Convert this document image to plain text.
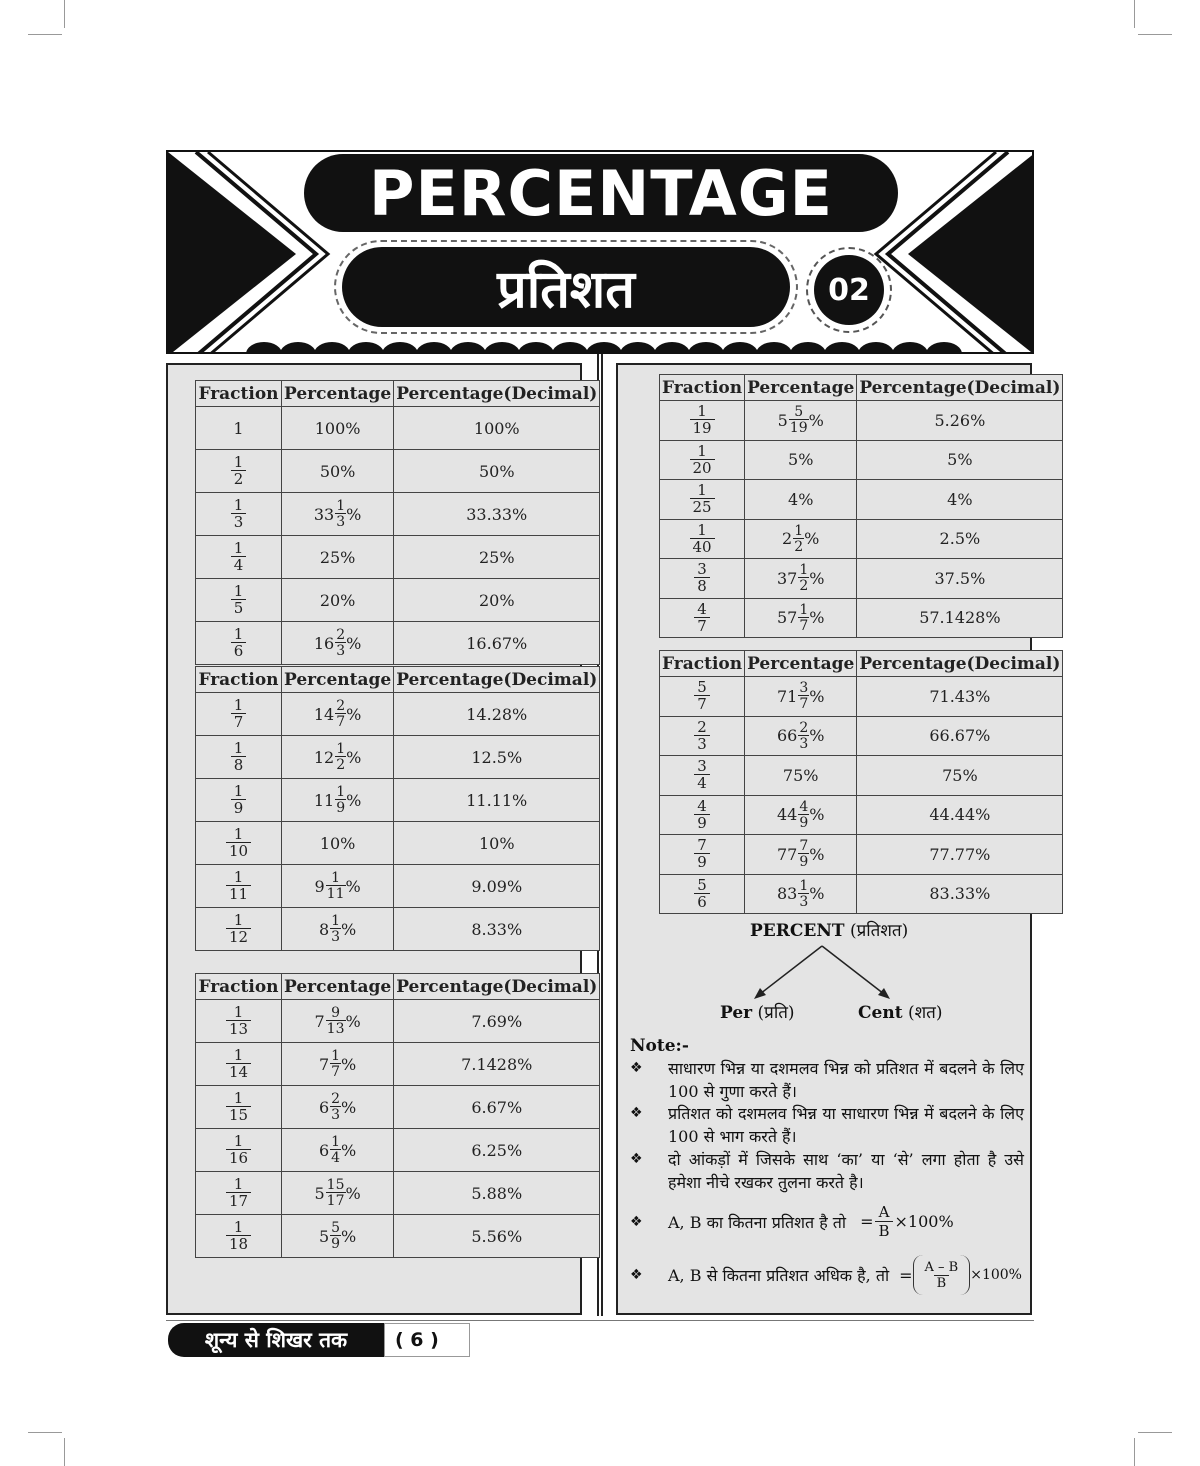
PERCENTAGE
प्रतिशत	02
Fraction	Percentage	Percentage(Decimal)
1	100%	100%

$\frac{1}{2}$	50%	50%

$\frac{1}{3}$	$33 \frac{1}{3}$ %	33.33%

$\frac{1}{4}$	25%	25%

$\frac{1}{5}$	20%	20%

$\frac{1}{6}$	$16 \frac{2}{3}$ %	16.67%
Fraction	Percentage	Percentage(Decimal)

$\frac{1}{7}$	$14 \frac{2}{7}$ %	14.28%

$\frac{1}{8}$	$12 \frac{1}{2}$ %	12.5%

$\frac{1}{9}$	$11 \frac{1}{9}$ %	11.11%

$\frac{1}{10}$	10%	10%

$\frac{1}{11}$	$9 \frac{1}{11}$ %	9.09%

$\frac{1}{12}$	$8 \frac{1}{3}$ %	8.33%
Fraction	Percentage	Percentage(Decimal)

$\frac{1}{13}$	$7 \frac{9}{13}$ %	7.69%

$\frac{1}{14}$	$7 \frac{1}{7}$ %	7.1428%

$\frac{1}{15}$	$6 \frac{2}{3}$ %	6.67%

$\frac{1}{16}$	$6 \frac{1}{4}$ %	6.25%

$\frac{1}{17}$	$5 \frac{15}{17}$ %	5.88%

$\frac{1}{18}$	$5 \frac{5}{9}$ %	5.56%
Fraction	Percentage	Percentage(Decimal)

$\frac{1}{19}$	$5 \frac{5}{19}$ %	5.26%

$\frac{1}{20}$	5%	5%

$\frac{1}{25}$	4%	4%

$\frac{1}{40}$	$2 \frac{1}{2}$ %	2.5%

$\frac{3}{8}$	$37 \frac{1}{2}$ %	37.5%

$\frac{4}{7}$	$57 \frac{1}{7}$ %	57.1428%
Fraction	Percentage	Percentage(Decimal)

$\frac{5}{7}$	$71 \frac{3}{7}$ %	71.43%

$\frac{2}{3}$	$66 \frac{2}{3}$ %	66.67%

$\frac{3}{4}$	75%	75%

$\frac{4}{9}$	$44 \frac{4}{9}$ %	44.44%

$\frac{7}{9}$	$77 \frac{7}{9}$ %	77.77%

$\frac{5}{6}$	$83 \frac{1}{3}$ %	83.33%
PERCENT (प्रतिशत)
Per (प्रति)	Cent (शत)
Note:-
❖ साधारण भिन्न या दशमलव भिन्न को प्रतिशत में बदलने के लिए 100 से गुणा करते हैं।
❖ प्रतिशत को दशमलव भिन्न या साधारण भिन्न में बदलने के लिए 100 से भाग करते हैं।
❖ दो आंकड़ों में जिसके साथ ‘का’ या ‘से’ लगा होता है उसे हमेशा नीचे रखकर तुलना करते है।
❖	A, B का कितना प्रतिशत है तो = $\frac{A}{B} \times 100\%$
❖	A, B से कितना प्रतिशत अधिक है, तो = $\frac{A - B}{B} \times 100\%$
शून्य से शिखर तक	( 6 )
